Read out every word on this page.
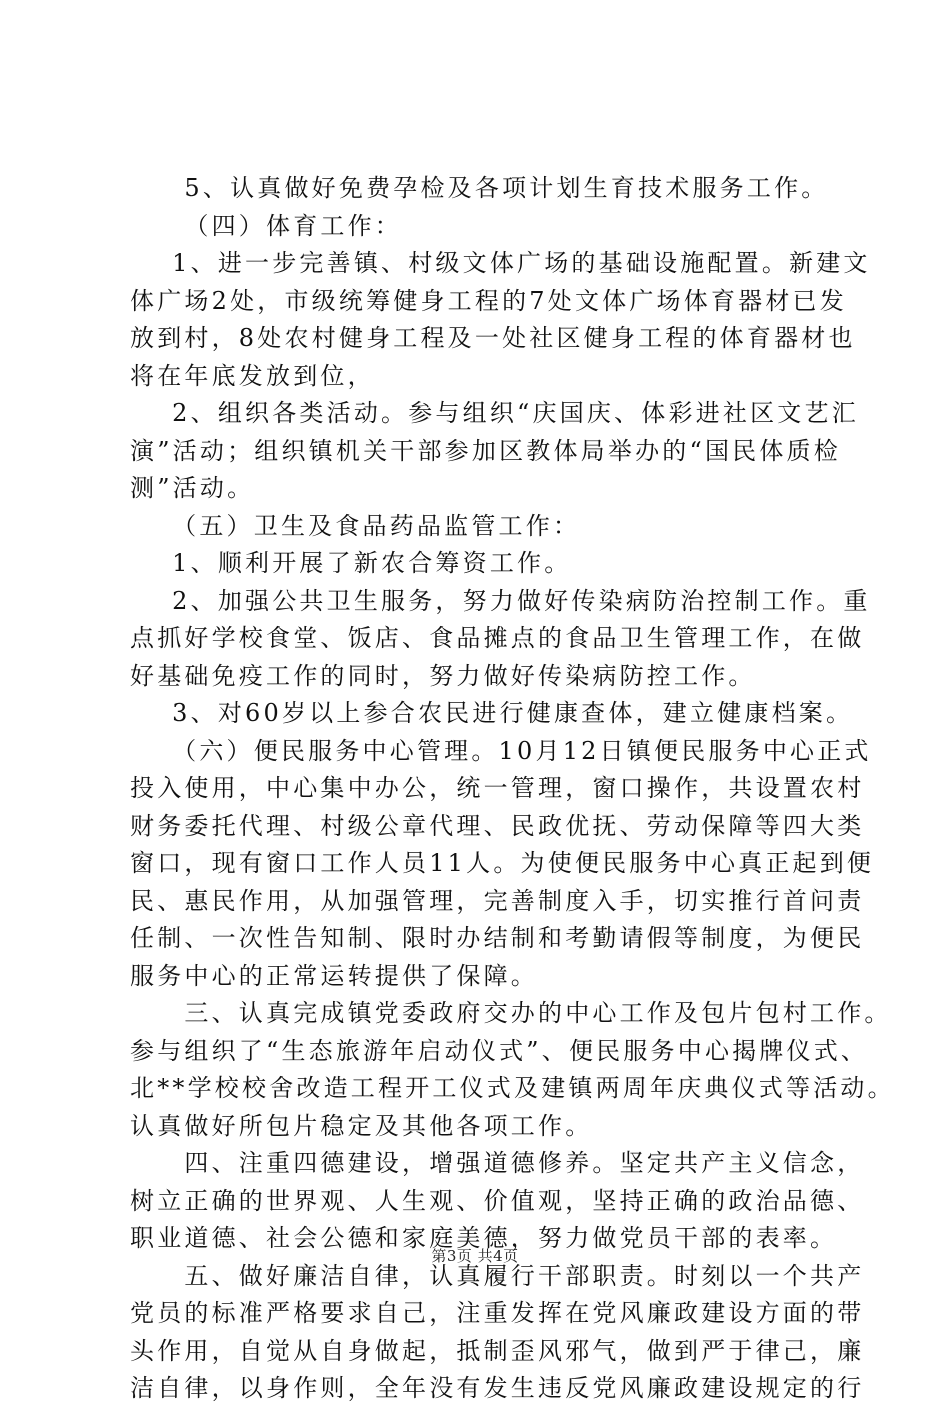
　　5、认真做好免费孕检及各项计划生育技术服务工作。
（四）体育工作：
1、进一步完善镇、村级文体广场的基础设施配置。新建文
体广场2处，市级统筹健身工程的7处文体广场体育器材已发
放到村，8处农村健身工程及一处社区健身工程的体育器材也
将在年底发放到位，
2、组织各类活动。参与组织“庆国庆、体彩进社区文艺汇
演”活动；组织镇机关干部参加区教体局举办的“国民体质检
测”活动。
（五）卫生及食品药品监管工作：
1、顺利开展了新农合筹资工作。
2、加强公共卫生服务，努力做好传染病防治控制工作。重
点抓好学校食堂、饭店、食品摊点的食品卫生管理工作，在做
好基础免疫工作的同时，努力做好传染病防控工作。
3、对60岁以上参合农民进行健康查体，建立健康档案。
（六）便民服务中心管理。10月12日镇便民服务中心正式
投入使用，中心集中办公，统一管理，窗口操作，共设置农村
财务委托代理、村级公章代理、民政优抚、劳动保障等四大类
窗口，现有窗口工作人员11人。为使便民服务中心真正起到便
民、惠民作用，从加强管理，完善制度入手，切实推行首问责
任制、一次性告知制、限时办结制和考勤请假等制度，为便民
服务中心的正常运转提供了保障。
三、认真完成镇党委政府交办的中心工作及包片包村工作。
参与组织了“生态旅游年启动仪式”、便民服务中心揭牌仪式、
北**学校校舍改造工程开工仪式及建镇两周年庆典仪式等活动。
认真做好所包片稳定及其他各项工作。
四、注重四德建设，增强道德修养。坚定共产主义信念，
树立正确的世界观、人生观、价值观，坚持正确的政治品德、
职业道德、社会公德和家庭美德，努力做党员干部的表率。
五、做好廉洁自律，认真履行干部职责。时刻以一个共产
党员的标准严格要求自己，注重发挥在党风廉政建设方面的带
头作用，自觉从自身做起，抵制歪风邪气，做到严于律己，廉
洁自律，以身作则，全年没有发生违反党风廉政建设规定的行
第3页 共4页
